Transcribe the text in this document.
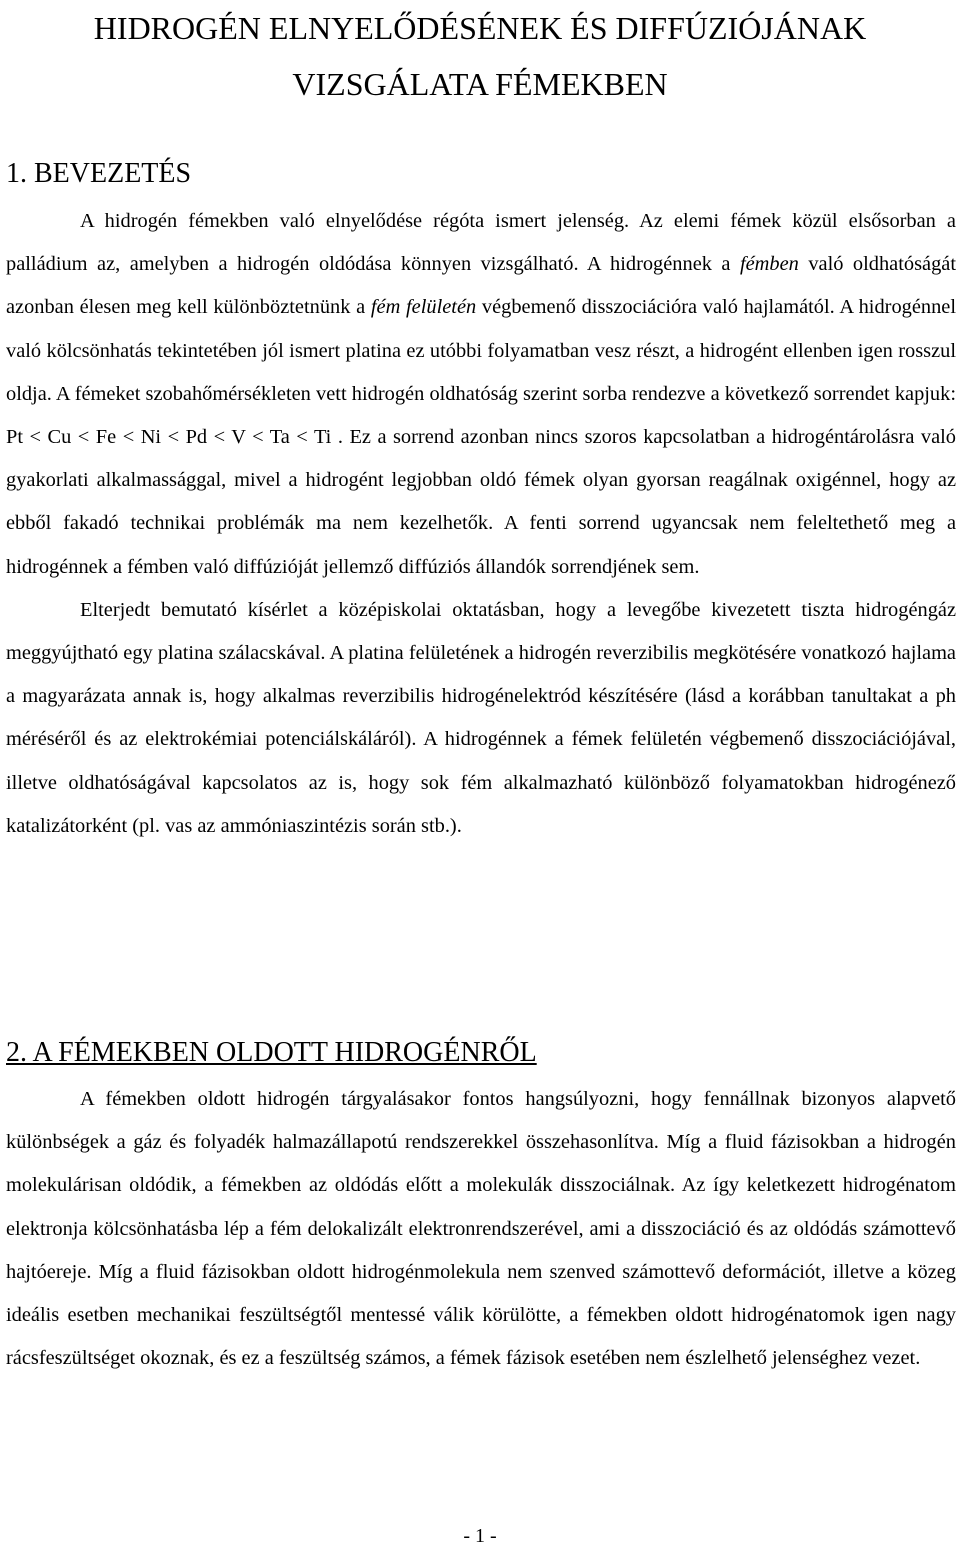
HIDROGÉN ELNYELŐDÉSÉNEK ÉS DIFFÚZIÓJÁNAK
VIZSGÁLATA FÉMEKBEN
1. BEVEZETÉS

A hidrogén fémekben való elnyelődése régóta ismert jelenség. Az elemi fémek közül elsősorban a palládium az, amelyben a hidrogén oldódása könnyen vizsgálható. A hidrogénnek a fémben való oldhatóságát azonban élesen meg kell különböztetnünk a fém felületén végbemenő disszociációra való hajlamától. A hidrogénnel való kölcsönhatás tekintetében jól ismert platina ez utóbbi folyamatban vesz részt, a hidrogént ellenben igen rosszul oldja. A fémeket szobahőmérsékleten vett hidrogén oldhatóság szerint sorba rendezve a következő sorrendet kapjuk: Pt < Cu < Fe < Ni < Pd < V < Ta < Ti . Ez a sorrend azonban nincs szoros kapcsolatban a hidrogéntárolásra való gyakorlati alkalmassággal, mivel a hidrogént legjobban oldó fémek olyan gyorsan reagálnak oxigénnel, hogy az ebből fakadó technikai problémák ma nem kezelhetők. A fenti sorrend ugyancsak nem feleltethető meg a hidrogénnek a fémben való diffúzióját jellemző diffúziós állandók sorrendjének sem.

Elterjedt bemutató kísérlet a középiskolai oktatásban, hogy a levegőbe kivezetett tiszta hidrogéngáz meggyújtható egy platina szálacskával. A platina felületének a hidrogén reverzibilis megkötésére vonatkozó hajlama a magyarázata annak is, hogy alkalmas reverzibilis hidrogénelektród készítésére (lásd a korábban tanultakat a ph méréséről és az elektrokémiai potenciálskáláról). A hidrogénnek a fémek felületén végbemenő disszociációjával, illetve oldhatóságával kapcsolatos az is, hogy sok fém alkalmazható különböző folyamatokban hidrogénező katalizátorként (pl. vas az ammóniaszintézis során stb.).

2. A FÉMEKBEN OLDOTT HIDROGÉNRŐL

A fémekben oldott hidrogén tárgyalásakor fontos hangsúlyozni, hogy fennállnak bizonyos alapvető különbségek a gáz és folyadék halmazállapotú rendszerekkel összehasonlítva. Míg a fluid fázisokban a hidrogén molekulárisan oldódik, a fémekben az oldódás előtt a molekulák disszociálnak. Az így keletkezett hidrogénatom elektronja kölcsönhatásba lép a fém delokalizált elektronrendszerével, ami a disszociáció és az oldódás számottevő hajtóereje. Míg a fluid fázisokban oldott hidrogénmolekula nem szenved számottevő deformációt, illetve a közeg ideális esetben mechanikai feszültségtől mentessé válik körülötte, a fémekben oldott hidrogénatomok igen nagy rácsfeszültséget okoznak, és ez a feszültség számos, a fémek fázisok esetében nem észlelhető jelenséghez vezet.

- 1 -
